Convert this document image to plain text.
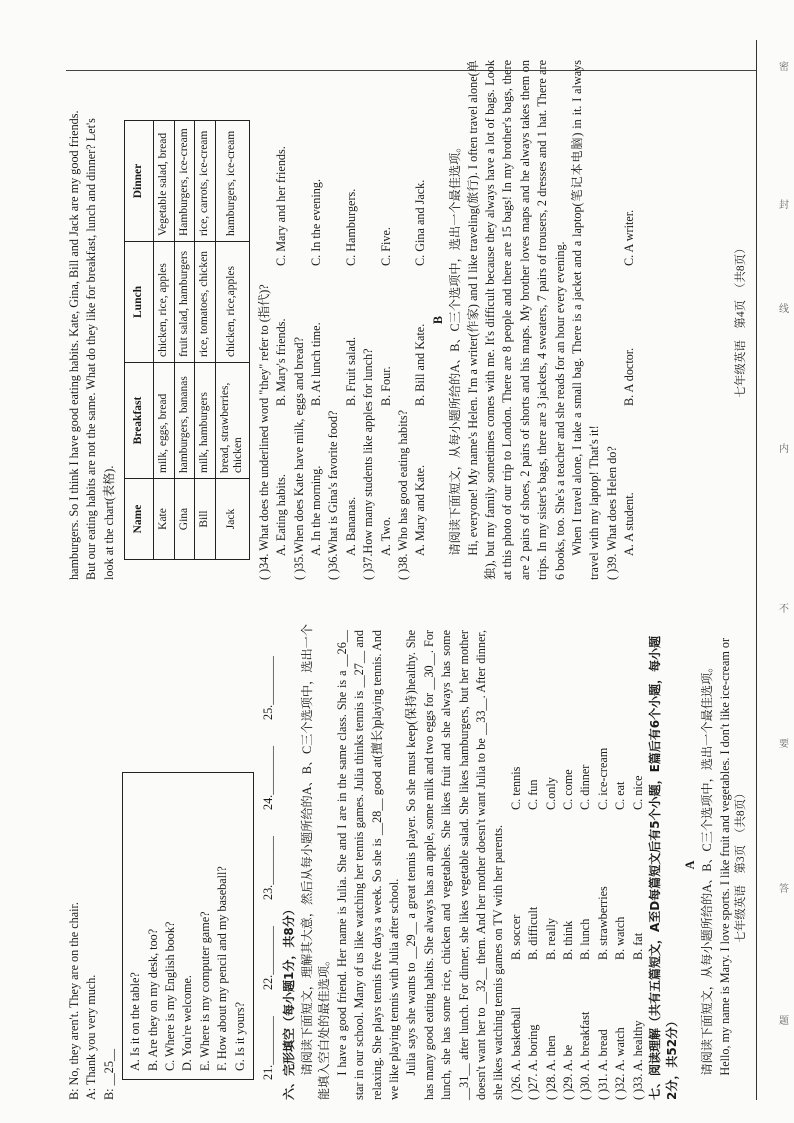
密
封
线
内
不
要
答
题
B: No, they aren't. They are on the chair. A: Thank you very much. B: __25__
A. Is it on the table? B. Are they on my desk, too? C. Where is my English book? D. You're welcome. E. Where is my computer game? F. How about my pencil and my baseball? G. Is it yours? 21.________
22.________
23.________
24.________
25.________
六、完形填空（每小题1分，共8分） 请阅读下面短文，理解其大意，然后从每小题所给的A、B、C三个选项中，选出一个 能填入空白处的最佳选项。 I have a good friend. Her name is Julia. She and I are in the same class. She is a __26__ star in our school. Many of us like watching her tennis games. Julia thinks tennis is __27__ and relaxing. She plays tennis five days a week. So she is __28__ good at(擅长)playing tennis. And we like playing tennis with Julia after school. Julia says she wants to __29__ a great tennis player. So she must keep(保持)healthy. She has many good eating habits. She always has an apple, some milk and two eggs for __30__. For lunch, she has some rice, chicken and vegetables. She likes fruit and she always has some __31__ after lunch. For dinner, she likes vegetable salad. She likes hamburgers, but her mother doesn't want her to __32__ them. And her mother doesn't want Julia to be __33__. After dinner, she likes watching tennis games on TV with her parents. ( )26. A. basketball
B. soccer
C. tennis
( )27. A. boring
B. difficult
C. fun
( )28. A. then
B. really
C.only
( )29. A. be
B. think
C. come
( )30. A. breakfast
B. lunch
C. dinner
( )31. A. bread
B. strawberries
C. ice-cream
( )32. A. watch
B. watch
C. eat
( )33. A. healthy
B. fat
C. nice 七、阅读理解（共有五篇短文，A至D每篇短文后有5个小题，E篇后有6个小题，每小题 2分，共52分）
A 请阅读下面短文，从每小题所给的A、B、C三个选项中，选出一个最佳选项。 Hello, my name is Mary. I love sports. I like fruit and vegetables. I don't like ice-cream or 七年级英语　第3页　（共8页）
hamburgers. So I think I have good eating habits. Kate, Gina, Bill and Jack are my good friends. But our eating habits are not the same. What do they like for breakfast, lunch and dinner? Let's look at the chart(表格). Name	Breakfast	Lunch	Dinner
Kate	milk, eggs, bread	chicken, rice, apples	Vegetable salad, bread
Gina	hamburgers, bananas	fruit salad, hamburgers	Hamburgers, ice-cream
Bill	milk, hamburgers	rice, tomatoes, chicken	rice, carrots, ice-cream
Jack	bread, strawberries, chicken	chicken, rice,apples	hamburgers, ice-cream
( )34. What does the underlined word "they" refer to (指代)? A. Eating habits.
B. Mary's friends.
C. Mary and her friends.
( )35.When does Kate have milk, eggs and bread? A. In the morning.
B. At lunch time.
C. In the evening.
( )36.What is Gina's favorite food? A. Bananas.
B. Fruit salad.
C. Hamburgers.
( )37.How many students like apples for lunch? A. Two.
B. Four.
C. Five.
( )38. Who has good eating habits? A. Mary and Kate.
B. Bill and Kate.
C. Gina and Jack.
B 请阅读下面短文，从每小题所给的A、B、C三个选项中，选出一个最佳选项。 Hi, everyone! My name's Helen. I'm a writer(作家) and I like traveling(旅行). I often travel alone(单独), but my family sometimes comes with me. It's difficult because they always have a lot of bags. Look at this photo of our trip to London. There are 8 people and there are 15 bags! In my brother's bags, there are 2 pairs of shoes, 2 pairs of shorts and his maps. My brother loves maps and he always takes them on trips. In my sister's bags, there are 3 jackets, 4 sweaters, 7 pairs of trousers, 2 dresses and 1 hat. There are 6 books, too. She's a teacher and she reads for an hour every evening. When I travel alone, I take a small bag. There is a jacket and a laptop(笔记本电脑) in it. I always travel with my laptop! That's it! ( )39. What does Helen do? A. A student.
B. A doctor.
C. A writer.
七年级英语　第4页　（共8页）
